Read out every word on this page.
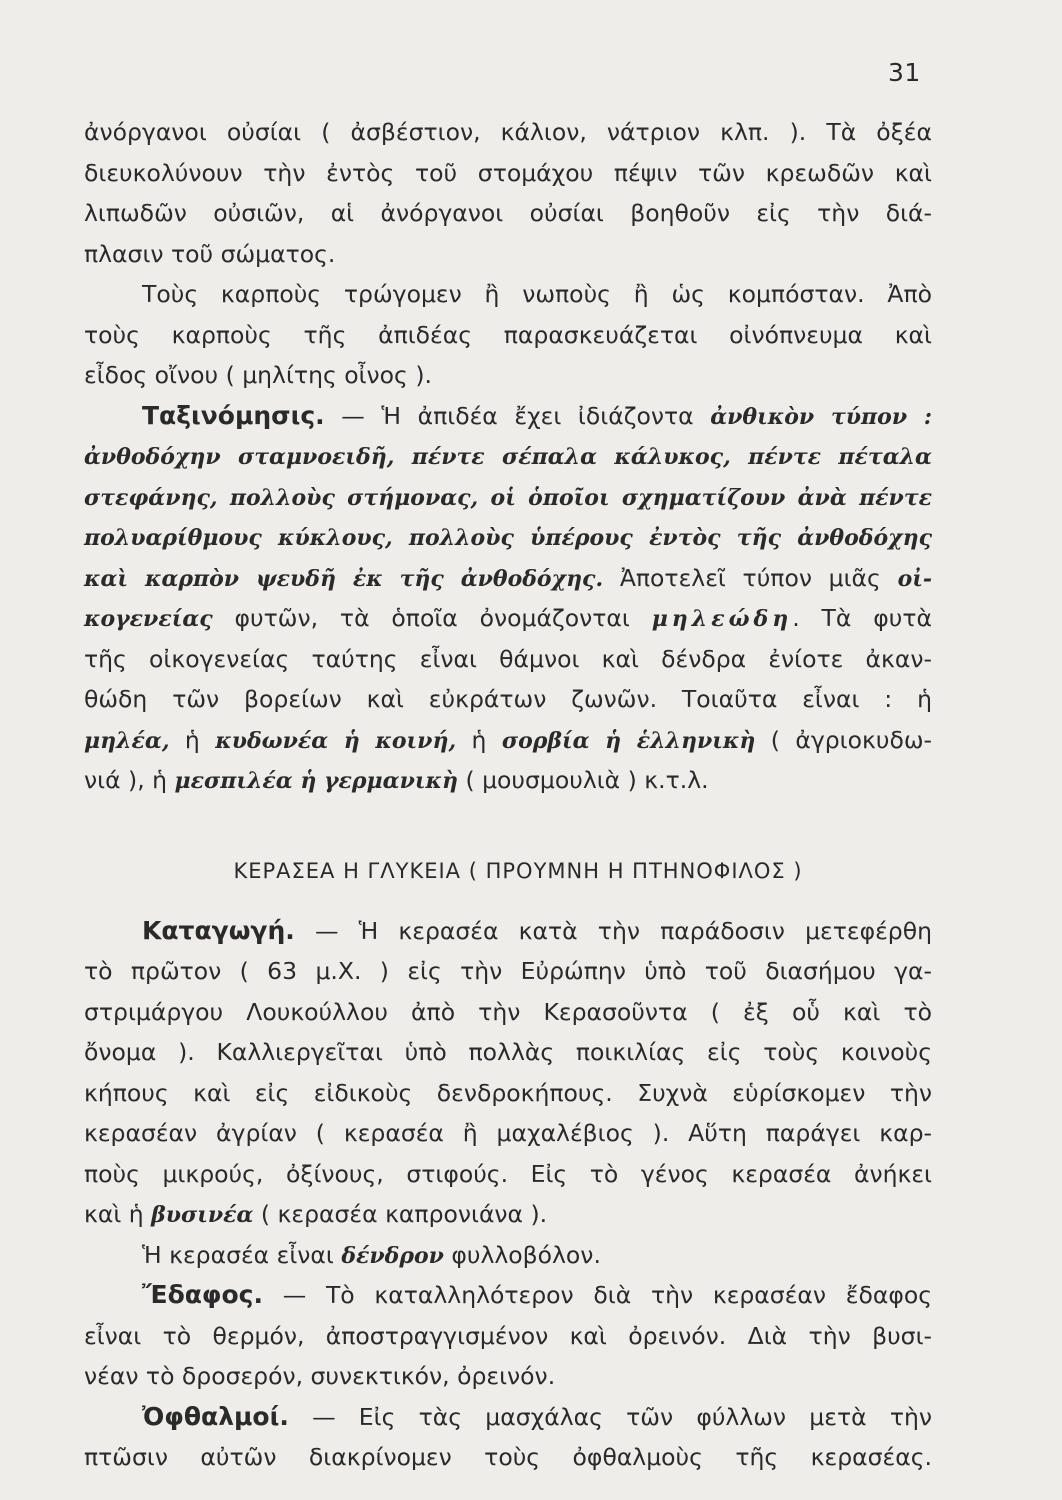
31
ἀνόργανοι οὐσίαι ( ἀσβέστιον, κάλιον, νάτριον κλπ. ). Τὰ ὀξέα
διευκολύνουν τὴν ἐντὸς τοῦ στομάχου πέψιν τῶν κρεωδῶν καὶ
λιπωδῶν οὐσιῶν, αἱ ἀνόργανοι οὐσίαι βοηθοῦν εἰς τὴν διά-
πλασιν τοῦ σώματος.
Τοὺς καρποὺς τρώγομεν ἢ νωποὺς ἢ ὡς κομπόσταν. Ἀπὸ
τοὺς καρποὺς τῆς ἀπιδέας παρασκευάζεται οἰνόπνευμα καὶ
εἶδος οἴνου ( μηλίτης οἶνος ).
Ταξινόμησις. — Ἡ ἀπιδέα ἔχει ἰδιάζοντα ἀνθικὸν τύπον :
ἀνθοδόχην σταμνοειδῆ, πέντε σέπαλα κάλυκος, πέντε πέταλα
στεφάνης, πολλοὺς στήμονας, οἱ ὁποῖοι σχηματίζουν ἀνὰ πέντε
πολυαρίθμους κύκλους, πολλοὺς ὑπέρους ἐντὸς τῆς ἀνθοδόχης
καὶ καρπὸν ψευδῆ ἐκ τῆς ἀνθοδόχης. Ἀποτελεῖ τύπον μιᾶς οἰ-
κογενείας φυτῶν, τὰ ὁποῖα ὀνομάζονται μηλεώδη. Τὰ φυτὰ
τῆς οἰκογενείας ταύτης εἶναι θάμνοι καὶ δένδρα ἐνίοτε ἀκαν-
θώδη τῶν βορείων καὶ εὐκράτων ζωνῶν. Τοιαῦτα εἶναι : ἡ
μηλέα, ἡ κυδωνέα ἡ κοινή, ἡ σορβία ἡ ἑλληνικὴ ( ἀγριοκυδω-
νιά ), ἡ μεσπιλέα ἡ γερμανικὴ ( μουσμουλιὰ ) κ.τ.λ.
ΚΕΡΑΣΕΑ Η ΓΛΥΚΕΙΑ ( ΠΡΟΥΜΝΗ Η ΠΤΗΝΟΦΙΛΟΣ )
Καταγωγή. — Ἡ κερασέα κατὰ τὴν παράδοσιν μετεφέρθη
τὸ πρῶτον ( 63 μ.Χ. ) εἰς τὴν Εὐρώπην ὑπὸ τοῦ διασήμου γα-
στριμάργου Λουκούλλου ἀπὸ τὴν Κερασοῦντα ( ἐξ οὗ καὶ τὸ
ὄνομα ). Καλλιεργεῖται ὑπὸ πολλὰς ποικιλίας εἰς τοὺς κοινοὺς
κήπους καὶ εἰς εἰδικοὺς δενδροκήπους. Συχνὰ εὑρίσκομεν τὴν
κερασέαν ἀγρίαν ( κερασέα ἢ μαχαλέβιος ). Αὕτη παράγει καρ-
ποὺς μικρούς, ὀξίνους, στιφούς. Εἰς τὸ γένος κερασέα ἀνήκει
καὶ ἡ βυσινέα ( κερασέα καπρονιάνα ).
Ἡ κερασέα εἶναι δένδρον φυλλοβόλον.
Ἔδαφος. — Τὸ καταλληλότερον διὰ τὴν κερασέαν ἔδαφος
εἶναι τὸ θερμόν, ἀποστραγγισμένον καὶ ὀρεινόν. Διὰ τὴν βυσι-
νέαν τὸ δροσερόν, συνεκτικόν, ὀρεινόν.
Ὀφθαλμοί. — Εἰς τὰς μασχάλας τῶν φύλλων μετὰ τὴν
πτῶσιν αὐτῶν διακρίνομεν τοὺς ὀφθαλμοὺς τῆς κερασέας.
